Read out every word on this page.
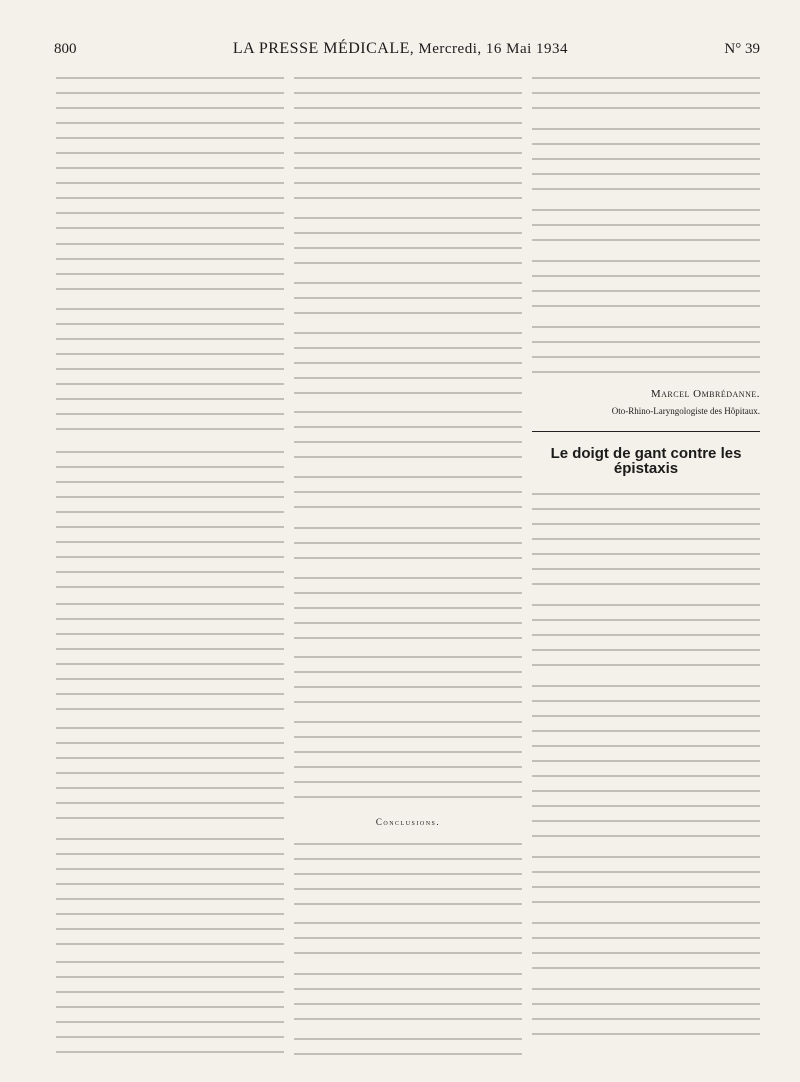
800	LA PRESSE MÉDICALE, Mercredi, 16 Mai 1934	N° 39
Conclusions.
Marcel Ombrédanne.
Oto-Rhino-Laryngologiste des Hôpitaux.
Le doigt de gant contre les épistaxis
